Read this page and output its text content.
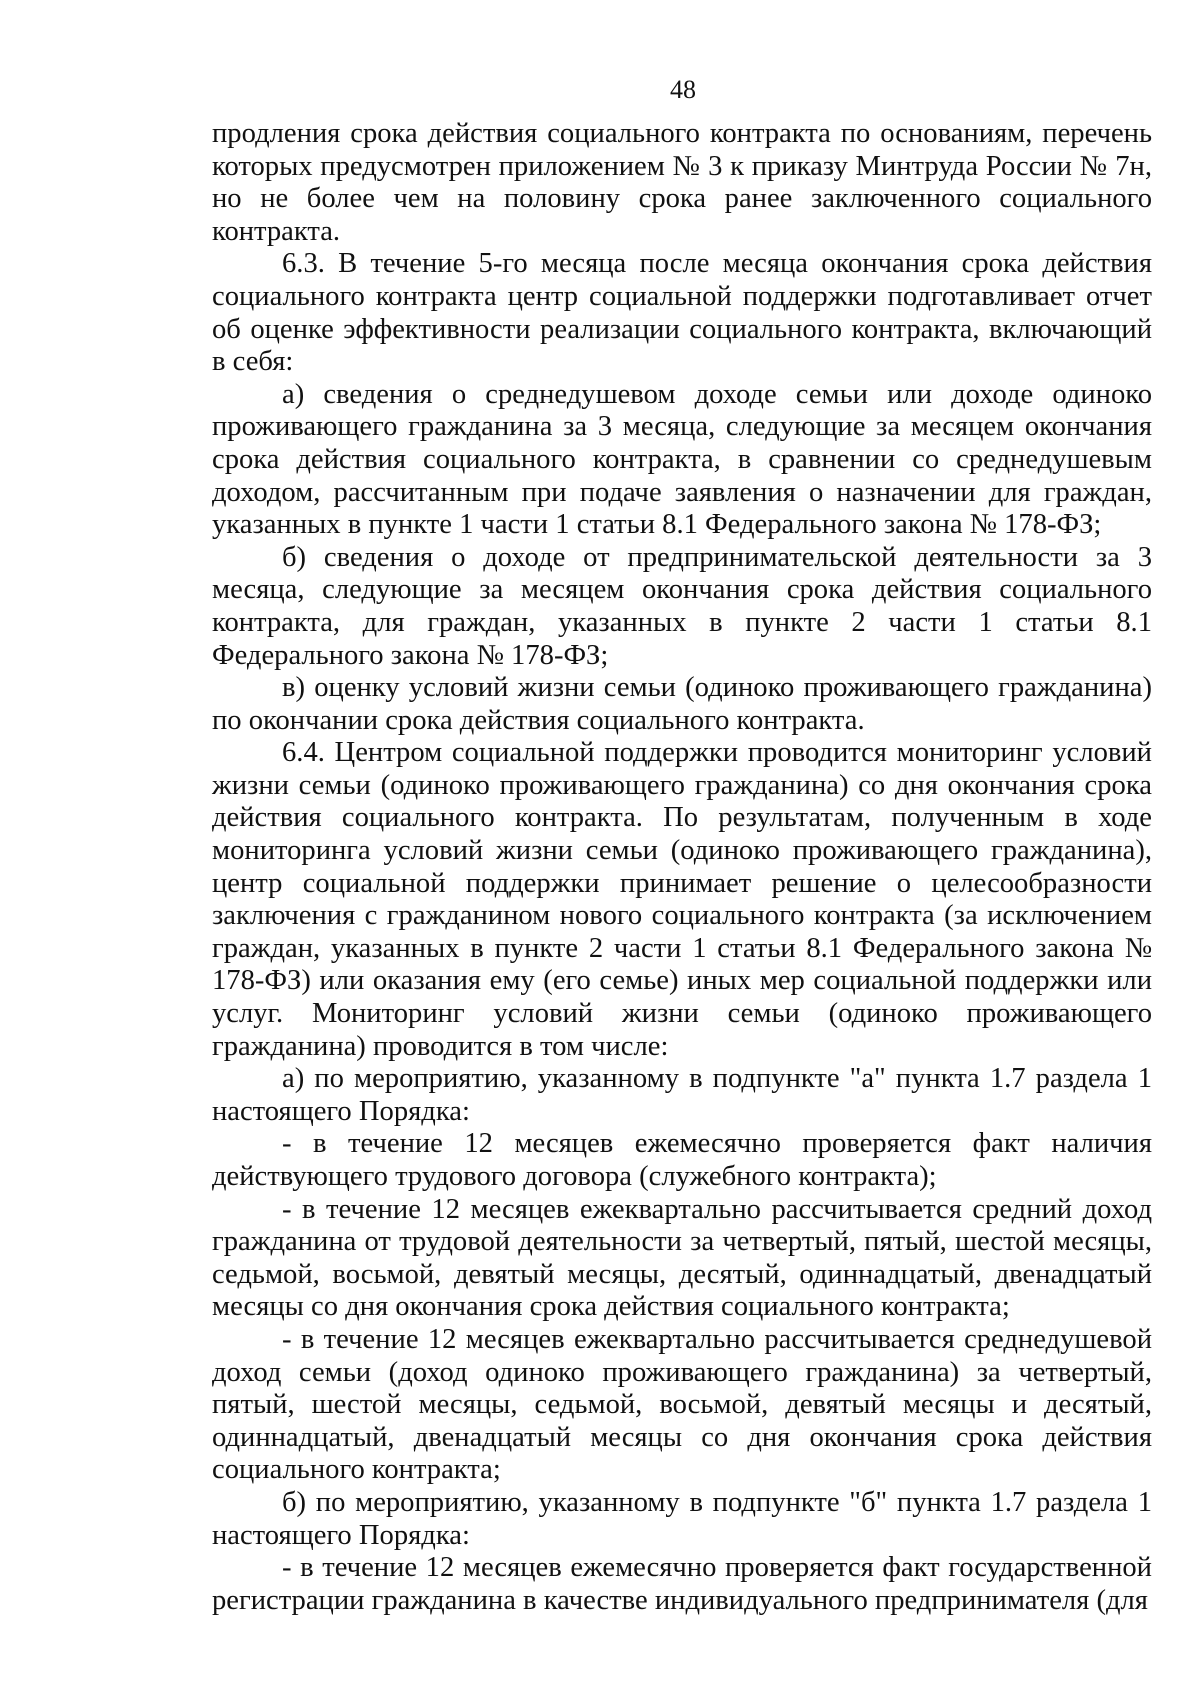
48

продления срока действия социального контракта по основаниям, перечень которых предусмотрен приложением № 3 к приказу Минтруда России № 7н, но не более чем на половину срока ранее заключенного социального контракта.

6.3. В течение 5-го месяца после месяца окончания срока действия социального контракта центр социальной поддержки подготавливает отчет об оценке эффективности реализации социального контракта, включающий в себя:

а) сведения о среднедушевом доходе семьи или доходе одиноко проживающего гражданина за 3 месяца, следующие за месяцем окончания срока действия социального контракта, в сравнении со среднедушевым доходом, рассчитанным при подаче заявления о назначении для граждан, указанных в пункте 1 части 1 статьи 8.1 Федерального закона № 178-ФЗ;

б) сведения о доходе от предпринимательской деятельности за 3 месяца, следующие за месяцем окончания срока действия социального контракта, для граждан, указанных в пункте 2 части 1 статьи 8.1 Федерального закона № 178-ФЗ;

в) оценку условий жизни семьи (одиноко проживающего гражданина) по окончании срока действия социального контракта.

6.4. Центром социальной поддержки проводится мониторинг условий жизни семьи (одиноко проживающего гражданина) со дня окончания срока действия социального контракта. По результатам, полученным в ходе мониторинга условий жизни семьи (одиноко проживающего гражданина), центр социальной поддержки принимает решение о целесообразности заключения с гражданином нового социального контракта (за исключением граждан, указанных в пункте 2 части 1 статьи 8.1 Федерального закона № 178-ФЗ) или оказания ему (его семье) иных мер социальной поддержки или услуг. Мониторинг условий жизни семьи (одиноко проживающего гражданина) проводится в том числе:

а) по мероприятию, указанному в подпункте "а" пункта 1.7 раздела 1 настоящего Порядка:

- в течение 12 месяцев ежемесячно проверяется факт наличия действующего трудового договора (служебного контракта);

- в течение 12 месяцев ежеквартально рассчитывается средний доход гражданина от трудовой деятельности за четвертый, пятый, шестой месяцы, седьмой, восьмой, девятый месяцы, десятый, одиннадцатый, двенадцатый месяцы со дня окончания срока действия социального контракта;

- в течение 12 месяцев ежеквартально рассчитывается среднедушевой доход семьи (доход одиноко проживающего гражданина) за четвертый, пятый, шестой месяцы, седьмой, восьмой, девятый месяцы и десятый, одиннадцатый, двенадцатый месяцы со дня окончания срока действия социального контракта;

б) по мероприятию, указанному в подпункте "б" пункта 1.7 раздела 1 настоящего Порядка:

- в течение 12 месяцев ежемесячно проверяется факт государственной регистрации гражданина в качестве индивидуального предпринимателя (для
